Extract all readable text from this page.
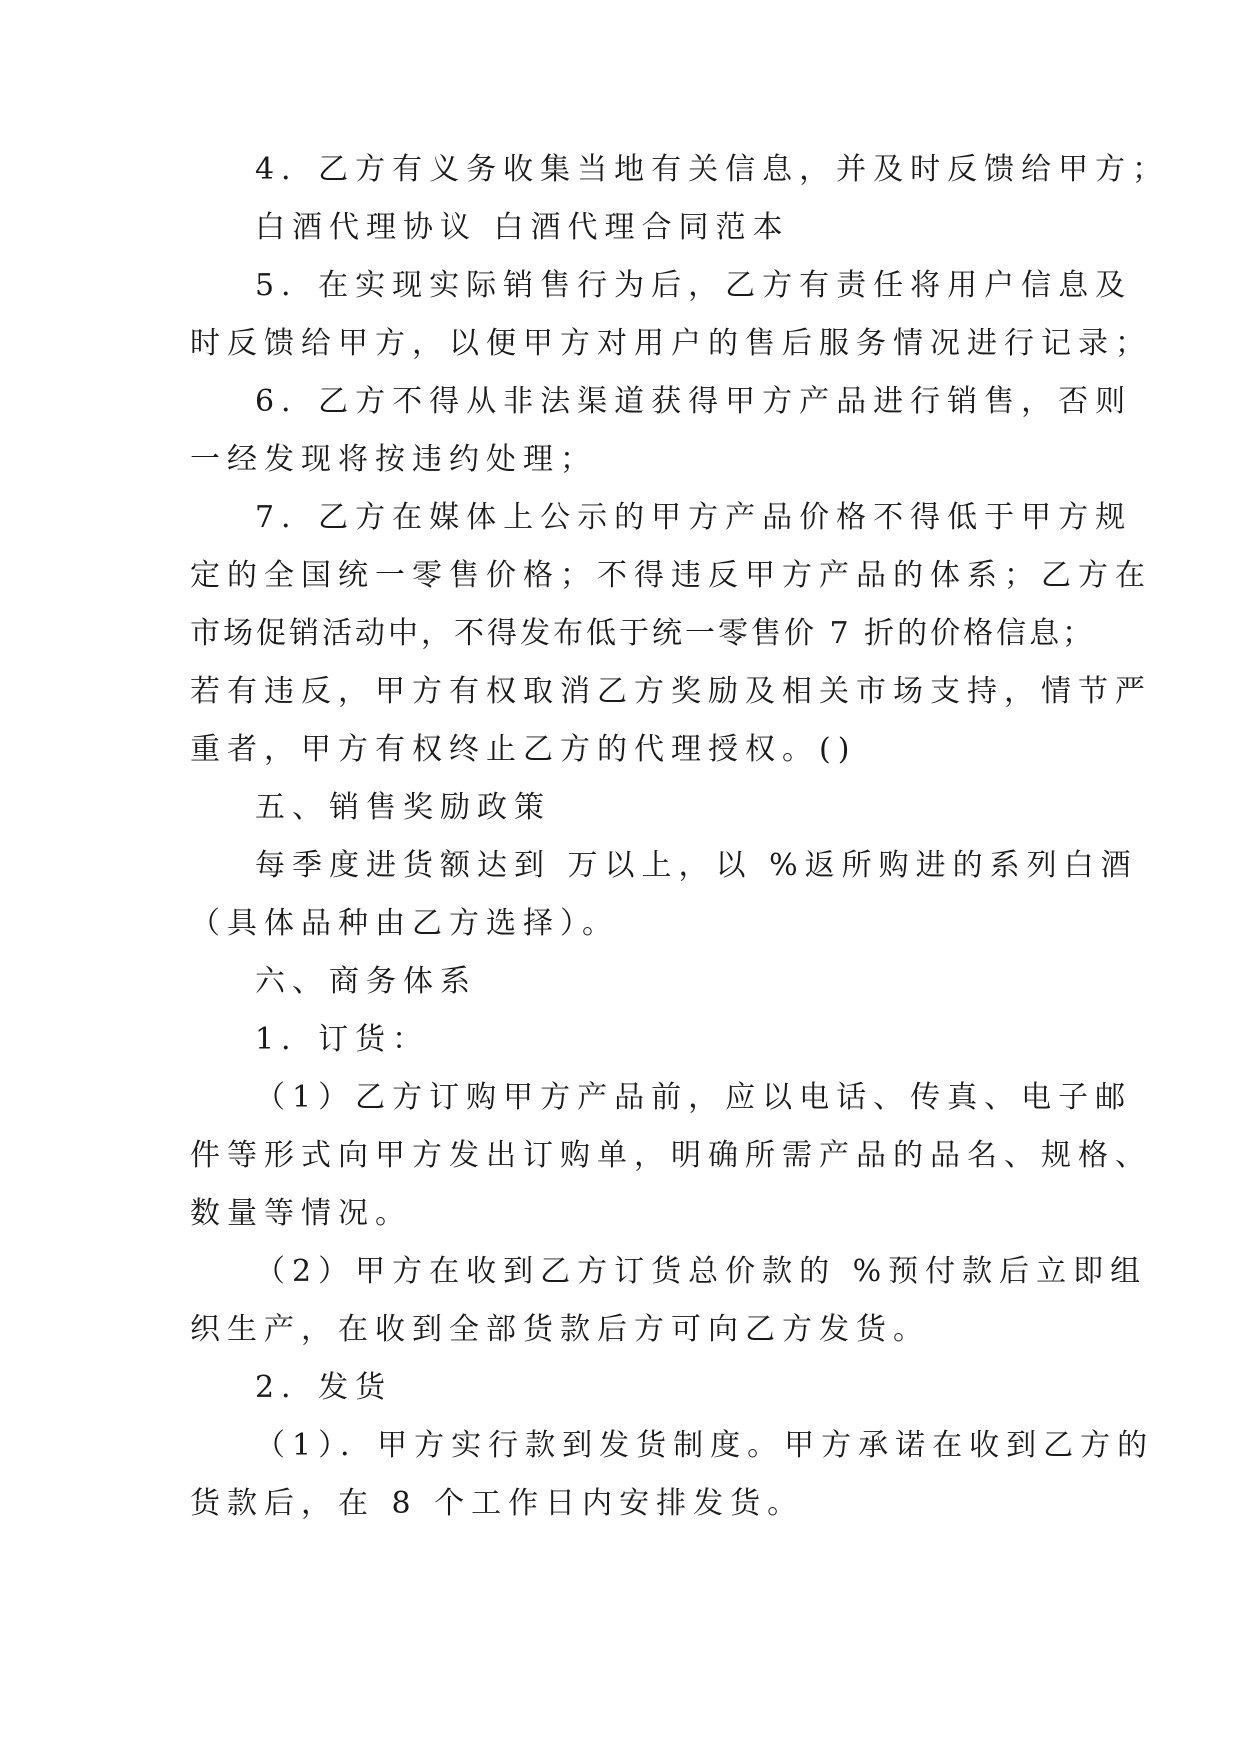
4．乙方有义务收集当地有关信息，并及时反馈给甲方；
白酒代理协议 白酒代理合同范本
5．在实现实际销售行为后，乙方有责任将用户信息及
时反馈给甲方，以便甲方对用户的售后服务情况进行记录；
6．乙方不得从非法渠道获得甲方产品进行销售，否则
一经发现将按违约处理；
7．乙方在媒体上公示的甲方产品价格不得低于甲方规
定的全国统一零售价格；不得违反甲方产品的体系；乙方在
市场促销活动中，不得发布低于统一零售价 7 折的价格信息；
若有违反，甲方有权取消乙方奖励及相关市场支持，情节严
重者，甲方有权终止乙方的代理授权。()
五、销售奖励政策
每季度进货额达到 万以上，以 %返所购进的系列白酒
（具体品种由乙方选择）。
六、商务体系
1．订货：
（1）乙方订购甲方产品前，应以电话、传真、电子邮
件等形式向甲方发出订购单，明确所需产品的品名、规格、
数量等情况。
（2）甲方在收到乙方订货总价款的 %预付款后立即组
织生产，在收到全部货款后方可向乙方发货。
2．发货
（1）．甲方实行款到发货制度。甲方承诺在收到乙方的
货款后，在 8 个工作日内安排发货。
